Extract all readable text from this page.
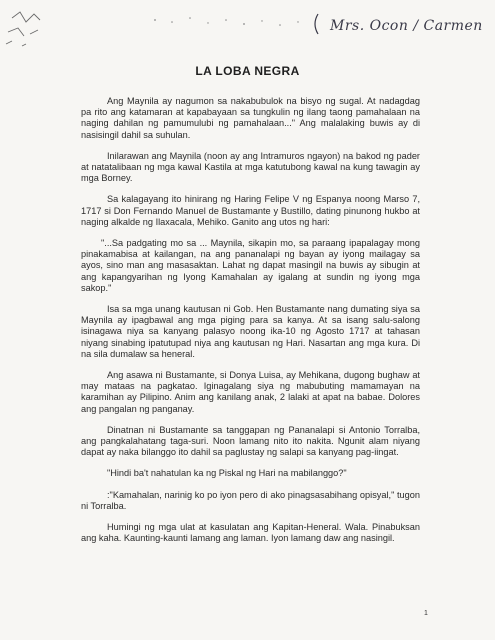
Mrs. Ocon / Carmen
LA LOBA NEGRA

Ang Maynila ay nagumon sa nakabubulok na bisyo ng sugal. At nadagdag pa rito ang katamaran at kapabayaan sa tungkulin ng ilang taong pamahalaan na naging dahilan ng pamumulubi ng pamahalaan..." Ang malalaking buwis ay di nasisingil dahil sa suhulan.

Inilarawan ang Maynila (noon ay ang Intramuros ngayon) na bakod ng pader at natatalibaan ng mga kawal Kastila at mga katutubong kawal na kung tawagin ay mga Borney.

Sa kalagayang ito hinirang ng Haring Felipe V ng Espanya noong Marso 7, 1717 si Don Fernando Manuel de Bustamante y Bustillo, dating pinunong hukbo at naging alkalde ng Ilaxacala, Mehiko. Ganito ang utos ng hari:

"...Sa padgating mo sa ... Maynila, sikapin mo, sa paraang ipapalagay mong pinakamabisa at kailangan, na ang pananalapi ng bayan ay iyong mailagay sa ayos, sino man ang masasaktan. Lahat ng dapat masingil na buwis ay sibugin at ang kapangyarihan ng Iyong Kamahalan ay igalang at sundin ng iyong mga sakop."

Isa sa mga unang kautusan ni Gob. Hen Bustamante nang dumating siya sa Maynila ay ipagbawal ang mga piging para sa kanya. At sa isang salu-salong isinagawa niya sa kanyang palasyo noong ika-10 ng Agosto 1717 at tahasan niyang sinabing ipatutupad niya ang kautusan ng Hari. Nasartan ang mga kura. Di na sila dumalaw sa heneral.

Ang asawa ni Bustamante, si Donya Luisa, ay Mehikana, dugong bughaw at may mataas na pagkatao. Iginagalang siya ng mabubuting mamamayan na karamihan ay Pilipino. Anim ang kanilang anak, 2 lalaki at apat na babae. Dolores ang pangalan ng panganay.

Dinatnan ni Bustamante sa tanggapan ng Pananalapi si Antonio Torralba, ang pangkalahatang taga-suri. Noon lamang nito ito nakita. Ngunit alam niyang dapat ay naka bilanggo ito dahil sa paglustay ng salapi sa kanyang pag-iingat.

"Hindi ba't nahatulan ka ng Piskal ng Hari na mabilanggo?"

:"Kamahalan, narinig ko po iyon pero di ako pinagsasabihang opisyal," tugon ni Torralba.

Humingi ng mga ulat at kasulatan ang Kapitan-Heneral. Wala. Pinabuksan ang kaha. Kaunting-kaunti lamang ang laman. Iyon lamang daw ang nasingil.

1
